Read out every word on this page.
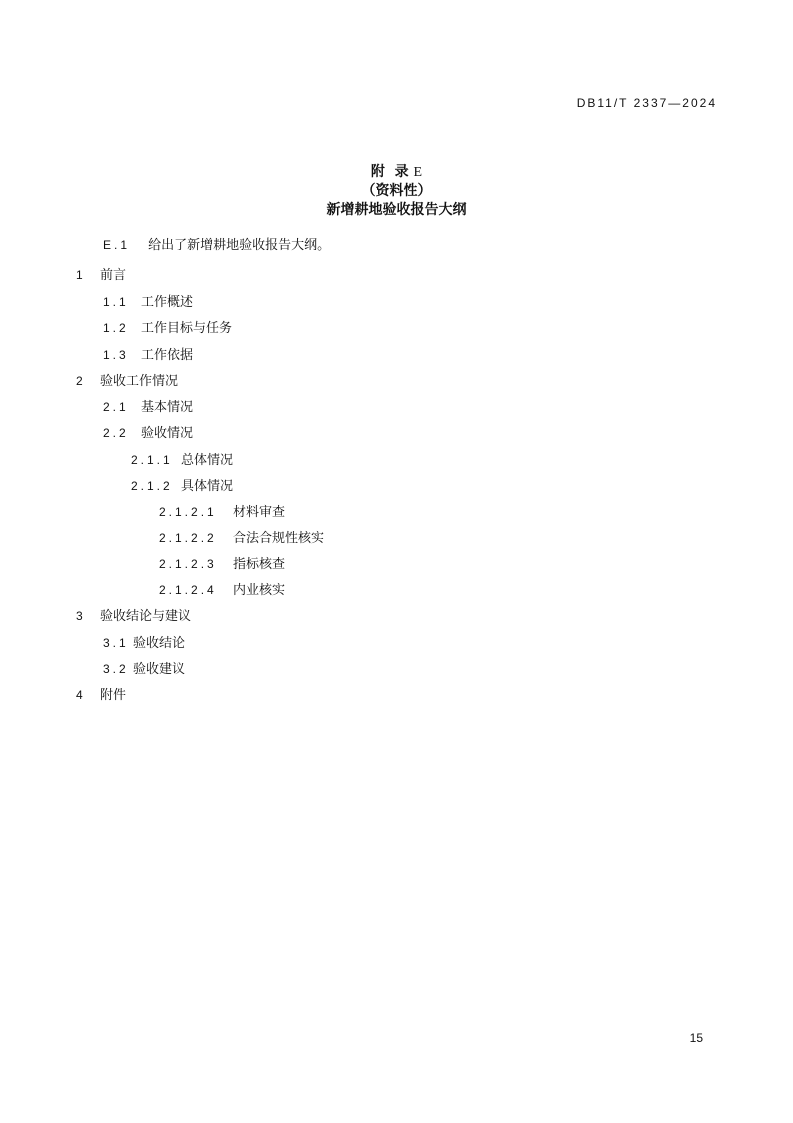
DB11/T 2337—2024
附  录 E
（资料性）
新增耕地验收报告大纲
E.1 给出了新增耕地验收报告大纲。
1 前言
1.1 工作概述
1.2 工作目标与任务
1.3 工作依据
2 验收工作情况
2.1 基本情况
2.2 验收情况
2.1.1 总体情况
2.1.2 具体情况
2.1.2.1 材料审查
2.1.2.2 合法合规性核实
2.1.2.3 指标核查
2.1.2.4 内业核实
3 验收结论与建议
3.1 验收结论
3.2 验收建议
4 附件
15
